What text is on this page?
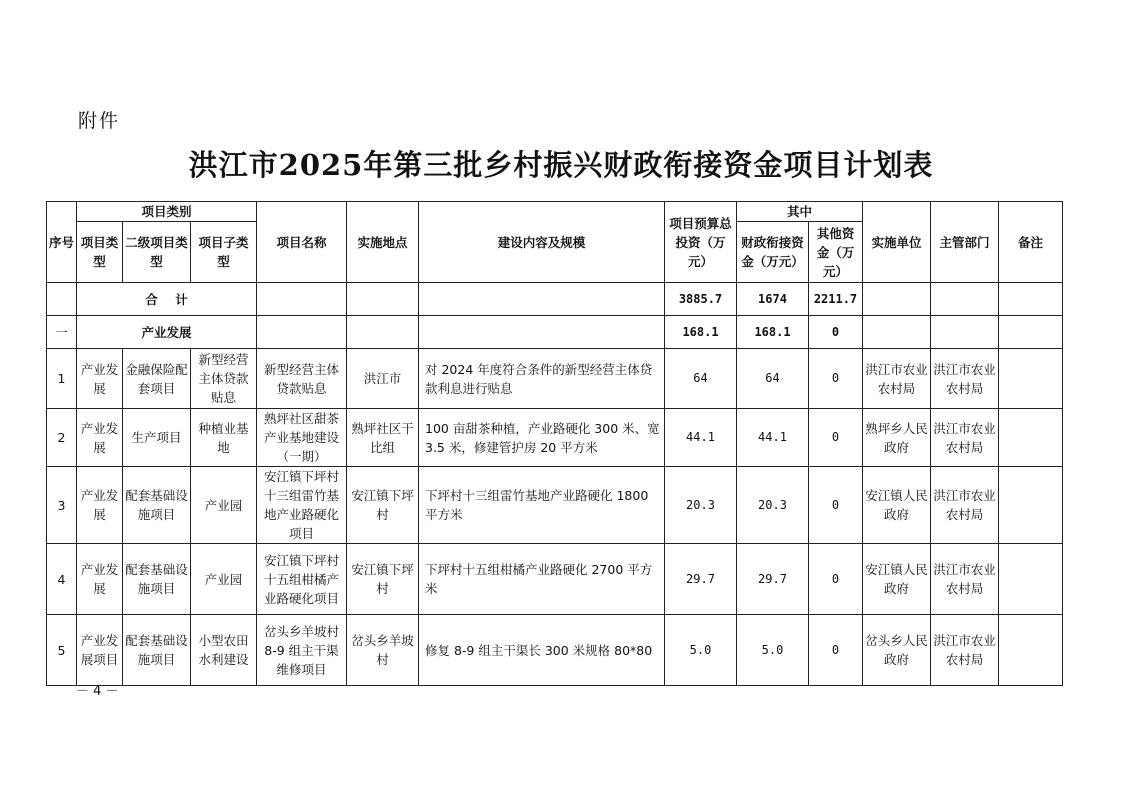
附件
洪江市2025年第三批乡村振兴财政衔接资金项目计划表
序号	项目类别			项目名称	实施地点	建设内容及规模	项目预算总投资（万元）	其中		实施单位	主管部门	备注
	项目类型	二级项目类型	项目子类型					财政衔接资金（万元）	其他资金（万元）			
	合    计						3885.7	1674	2211.7			
一	产业发展						168.1	168.1	0			
1	产业发展	金融保险配套项目	新型经营主体贷款贴息	新型经营主体贷款贴息	洪江市	对 2024 年度符合条件的新型经营主体贷款利息进行贴息	64	64	0	洪江市农业农村局	洪江市农业农村局	
2	产业发展	生产项目	种植业基地	熟坪社区甜茶产业基地建设（一期）	熟坪社区干比组	100 亩甜茶种植，产业路硬化 300 米、宽 3.5 米，修建管护房 20 平方米	44.1	44.1	0	熟坪乡人民政府	洪江市农业农村局	
3	产业发展	配套基础设施项目	产业园	安江镇下坪村十三组雷竹基地产业路硬化项目	安江镇下坪村	下坪村十三组雷竹基地产业路硬化 1800 平方米	20.3	20.3	0	安江镇人民政府	洪江市农业农村局	
4	产业发展	配套基础设施项目	产业园	安江镇下坪村十五组柑橘产业路硬化项目	安江镇下坪村	下坪村十五组柑橘产业路硬化 2700 平方米	29.7	29.7	0	安江镇人民政府	洪江市农业农村局	
5	产业发展项目	配套基础设施项目	小型农田水利建设	岔头乡羊坡村 8-9 组主干渠维修项目	岔头乡羊坡村	修复 8-9 组主干渠长 300 米规格 80*80	5.0	5.0	0	岔头乡人民政府	洪江市农业农村局	
－ 4 －
